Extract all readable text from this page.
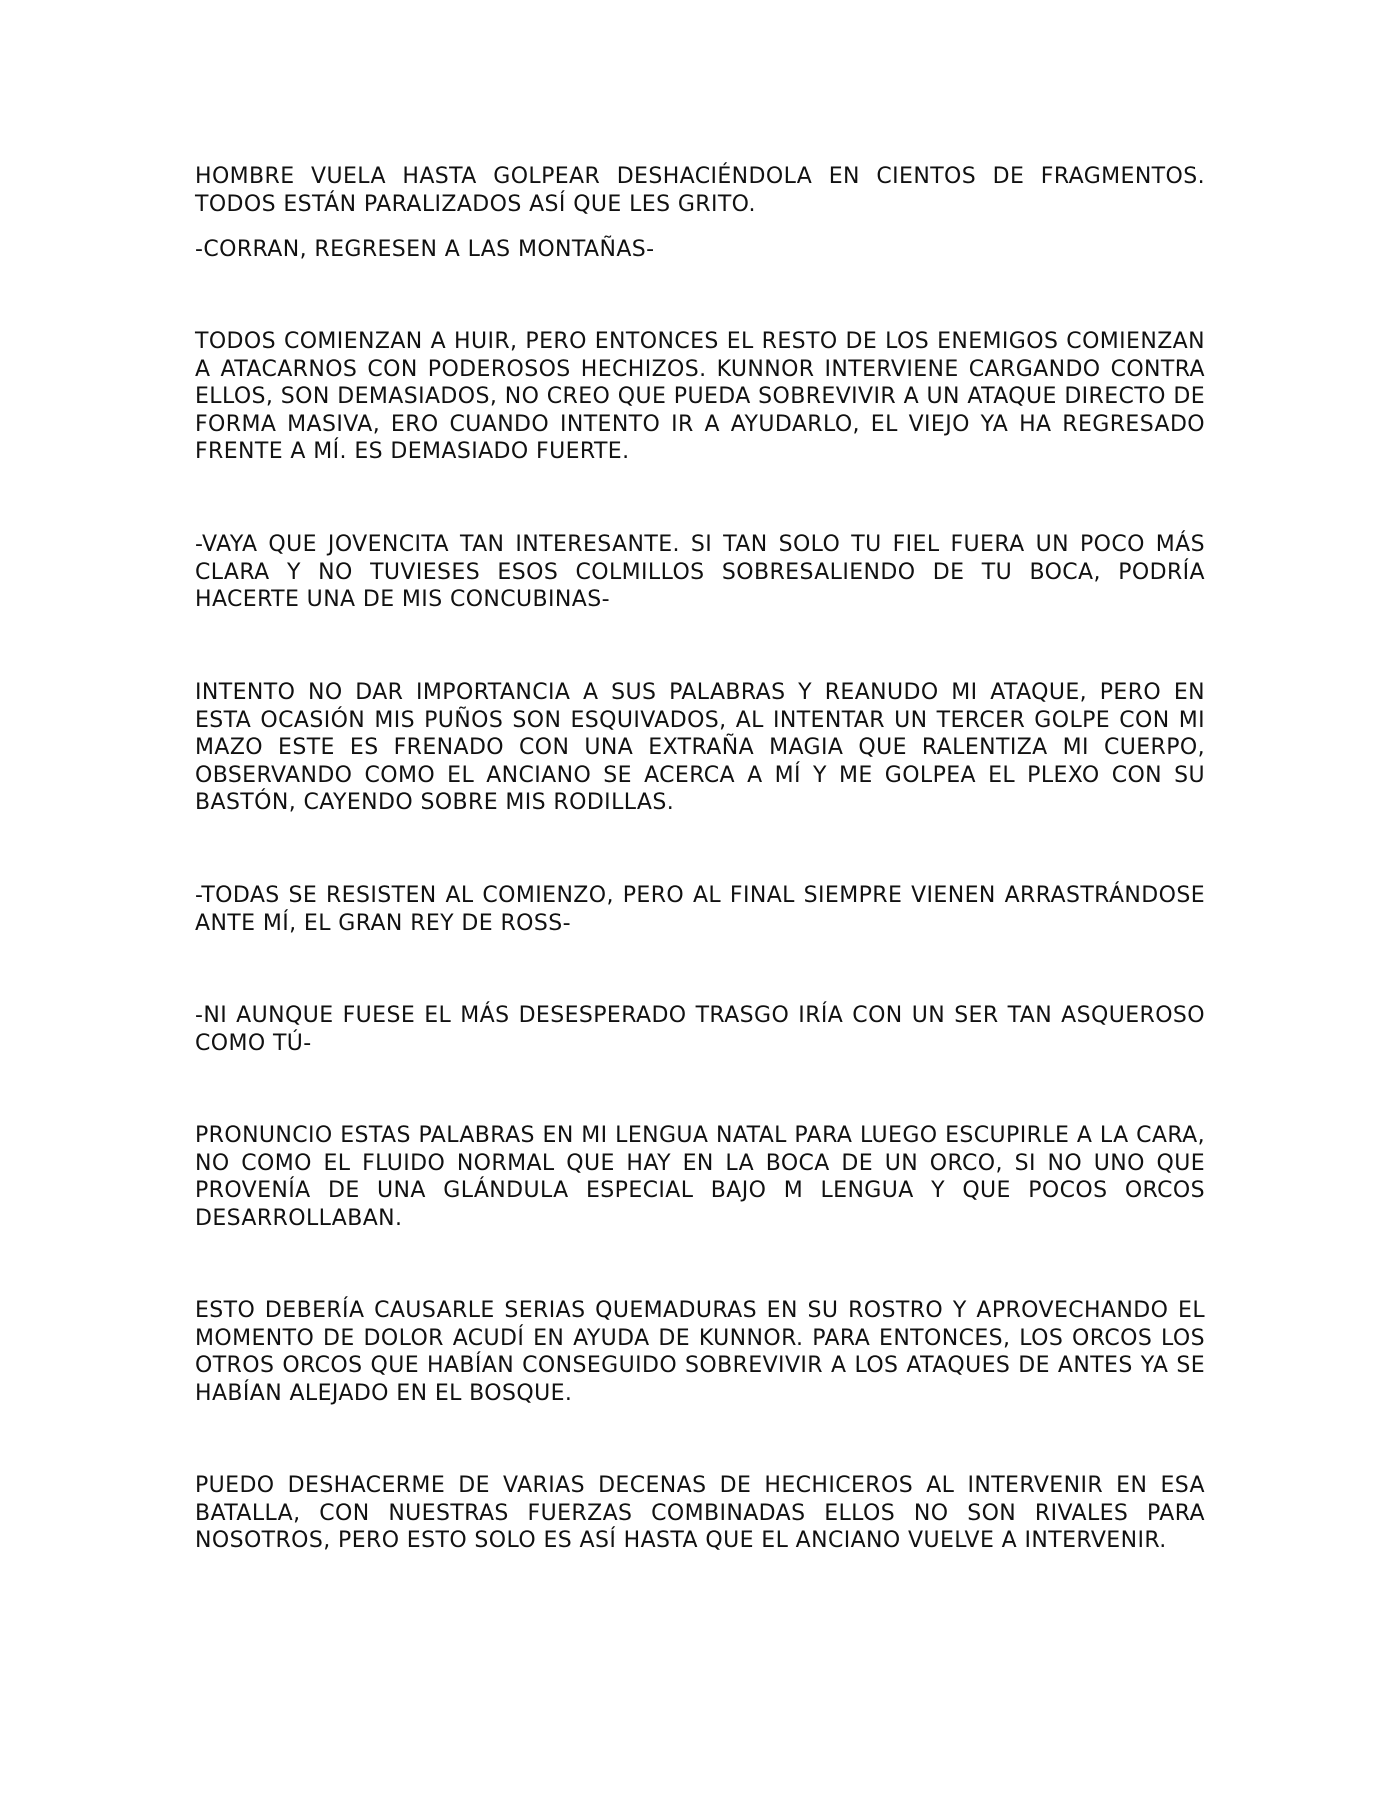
HOMBRE VUELA HASTA GOLPEAR DESHACIÉNDOLA EN CIENTOS DE FRAGMENTOS. TODOS ESTÁN PARALIZADOS ASÍ QUE LES GRITO.

-CORRAN, REGRESEN A LAS MONTAÑAS-

TODOS COMIENZAN A HUIR, PERO ENTONCES EL RESTO DE LOS ENEMIGOS COMIENZAN A ATACARNOS CON PODEROSOS HECHIZOS. KUNNOR INTERVIENE CARGANDO CONTRA ELLOS, SON DEMASIADOS, NO CREO QUE PUEDA SOBREVIVIR A UN ATAQUE DIRECTO DE FORMA MASIVA, ERO CUANDO INTENTO IR A AYUDARLO, EL VIEJO YA HA REGRESADO FRENTE A MÍ. ES DEMASIADO FUERTE.

-VAYA QUE JOVENCITA TAN INTERESANTE. SI TAN SOLO TU FIEL FUERA UN POCO MÁS CLARA Y NO TUVIESES ESOS COLMILLOS SOBRESALIENDO DE TU BOCA, PODRÍA HACERTE UNA DE MIS CONCUBINAS-

INTENTO NO DAR IMPORTANCIA A SUS PALABRAS Y REANUDO MI ATAQUE, PERO EN ESTA OCASIÓN MIS PUÑOS SON ESQUIVADOS, AL INTENTAR UN TERCER GOLPE CON MI MAZO ESTE ES FRENADO CON UNA EXTRAÑA MAGIA QUE RALENTIZA MI CUERPO, OBSERVANDO COMO EL ANCIANO SE ACERCA A MÍ Y ME GOLPEA EL PLEXO CON SU BASTÓN, CAYENDO SOBRE MIS RODILLAS.

-TODAS SE RESISTEN AL COMIENZO, PERO AL FINAL SIEMPRE VIENEN ARRASTRÁNDOSE ANTE MÍ, EL GRAN REY DE ROSS-

-NI AUNQUE FUESE EL MÁS DESESPERADO TRASGO IRÍA CON UN SER TAN ASQUEROSO COMO TÚ-

PRONUNCIO ESTAS PALABRAS EN MI LENGUA NATAL PARA LUEGO ESCUPIRLE A LA CARA, NO COMO EL FLUIDO NORMAL QUE HAY EN LA BOCA DE UN ORCO, SI NO UNO QUE PROVENÍA DE UNA GLÁNDULA ESPECIAL BAJO M LENGUA Y QUE POCOS ORCOS DESARROLLABAN.

ESTO DEBERÍA CAUSARLE SERIAS QUEMADURAS EN SU ROSTRO Y APROVECHANDO EL MOMENTO DE DOLOR ACUDÍ EN AYUDA DE KUNNOR. PARA ENTONCES, LOS ORCOS LOS OTROS ORCOS QUE HABÍAN CONSEGUIDO SOBREVIVIR A LOS ATAQUES DE ANTES YA SE HABÍAN ALEJADO EN EL BOSQUE.

PUEDO DESHACERME DE VARIAS DECENAS DE HECHICEROS AL INTERVENIR EN ESA BATALLA, CON NUESTRAS FUERZAS COMBINADAS ELLOS NO SON RIVALES PARA NOSOTROS, PERO ESTO SOLO ES ASÍ HASTA QUE EL ANCIANO VUELVE A INTERVENIR.
